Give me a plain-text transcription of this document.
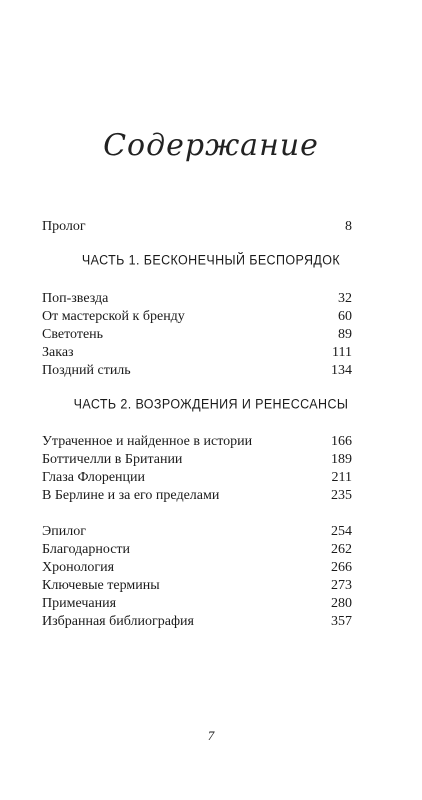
Содержание
Пролог	8
ЧАСТЬ 1. БЕСКОНЕЧНЫЙ БЕСПОРЯДОК
Поп-звезда	32
От мастерской к бренду	60
Светотень	89
Заказ	111
Поздний стиль	134
ЧАСТЬ 2. ВОЗРОЖДЕНИЯ И РЕНЕССАНСЫ
Утраченное и найденное в истории	166
Боттичелли в Британии	189
Глаза Флоренции	211
В Берлине и за его пределами	235
Эпилог	254
Благодарности	262
Хронология	266
Ключевые термины	273
Примечания	280
Избранная библиография	357
7
